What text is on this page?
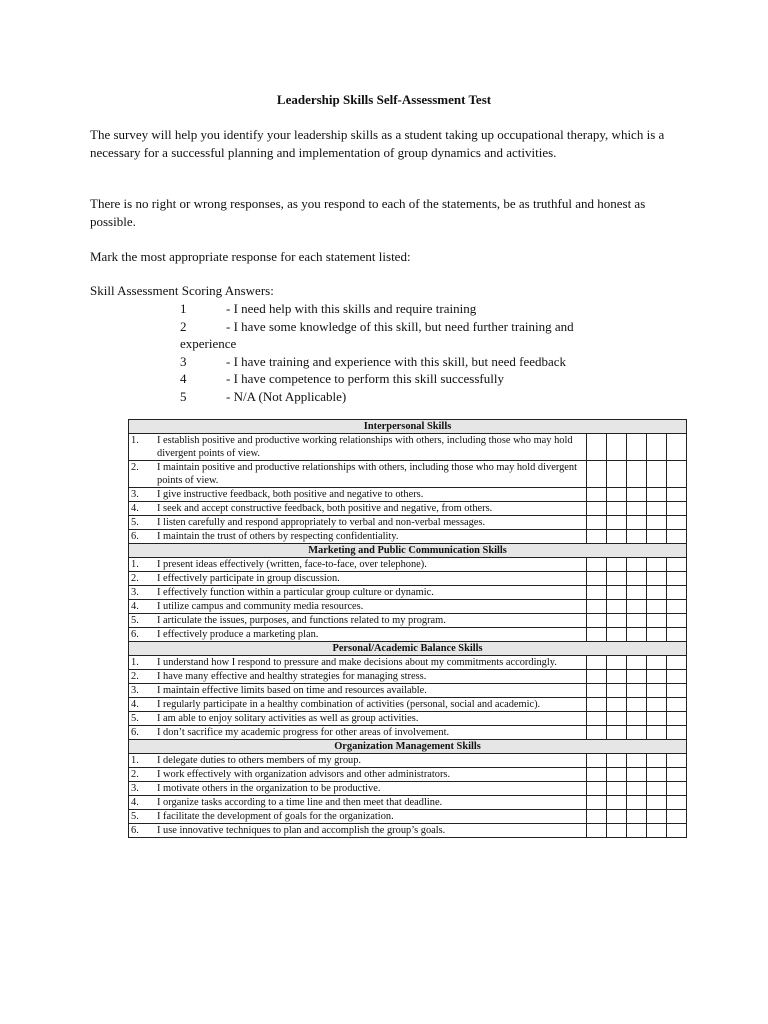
Leadership Skills Self-Assessment Test
The survey will help you identify your leadership skills as a student taking up occupational therapy, which is a necessary for a successful planning and implementation of group dynamics and activities.
There is no right or wrong responses, as you respond to each of the statements, be as truthful and honest as possible.
Mark the most appropriate response for each statement listed:
Skill Assessment Scoring Answers:
1	- I need help with this skills and require training
2	- I have some knowledge of this skill, but need further training and
experience
3	- I have training and experience with this skill, but need feedback
4	- I have competence to perform this skill successfully
5	- N/A (Not Applicable)
Interpersonal Skills					

1. I establish positive and productive working relationships with others, including those who may hold divergent points of view.					

2. I maintain positive and productive relationships with others, including those who may hold divergent points of view.					

3. I give instructive feedback, both positive and negative to others.					

4. I seek and accept constructive feedback, both positive and negative, from others.					

5. I listen carefully and respond appropriately to verbal and non-verbal messages.					

6. I maintain the trust of others by respecting confidentiality.					

Marketing and Public Communication Skills					

1. I present ideas effectively (written, face-to-face, over telephone).					

2. I effectively participate in group discussion.					

3. I effectively function within a particular group culture or dynamic.					

4. I utilize campus and community media resources.					

5. I articulate the issues, purposes, and functions related to my program.					

6. I effectively produce a marketing plan.					

Personal/Academic Balance Skills					

1. I understand how I respond to pressure and make decisions about my commitments accordingly.					

2. I have many effective and healthy strategies for managing stress.					

3. I maintain effective limits based on time and resources available.					

4. I regularly participate in a healthy combination of activities (personal, social and academic).					

5. I am able to enjoy solitary activities as well as group activities.					

6. I don’t sacrifice my academic progress for other areas of involvement.					

Organization Management Skills					

1. I delegate duties to others members of my group.					

2. I work effectively with organization advisors and other administrators.					

3. I motivate others in the organization to be productive.					

4. I organize tasks according to a time line and then meet that deadline.					

5. I facilitate the development of goals for the organization.					

6. I use innovative techniques to plan and accomplish the group’s goals.					
